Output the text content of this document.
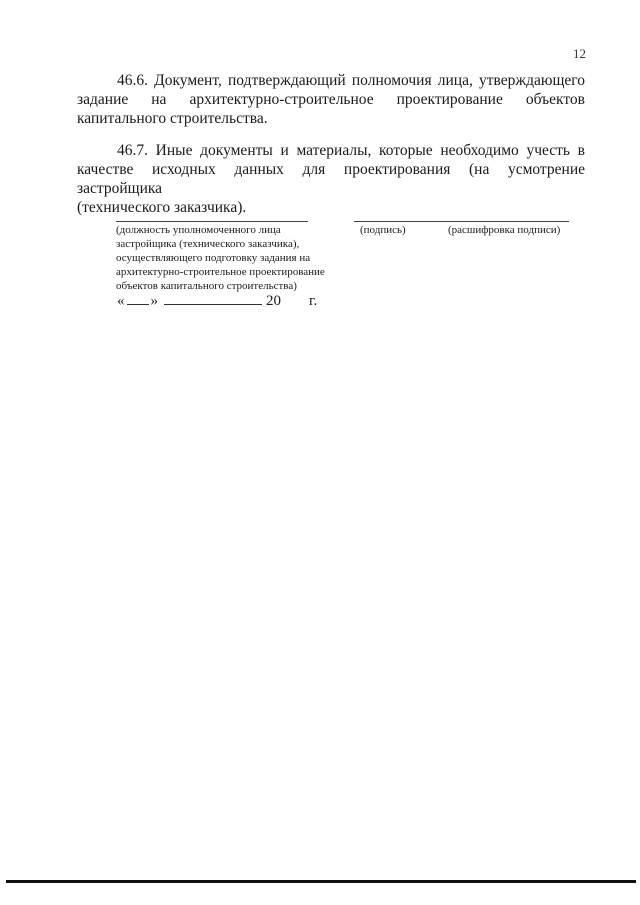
12
46.6. Документ, подтверждающий полномочия лица, утверждающего
задание на архитектурно-строительное проектирование объектов
капитального строительства.
46.7. Иные документы и материалы, которые необходимо учесть в
качестве исходных данных для проектирования (на усмотрение застройщика
(технического заказчика).
(должность уполномоченного лица
застройщика (технического заказчика),
осуществляющего подготовку задания на
архитектурно-строительное проектирование
объектов капитального строительства)
(подпись)	(расшифровка подписи)
« »	20 г.
